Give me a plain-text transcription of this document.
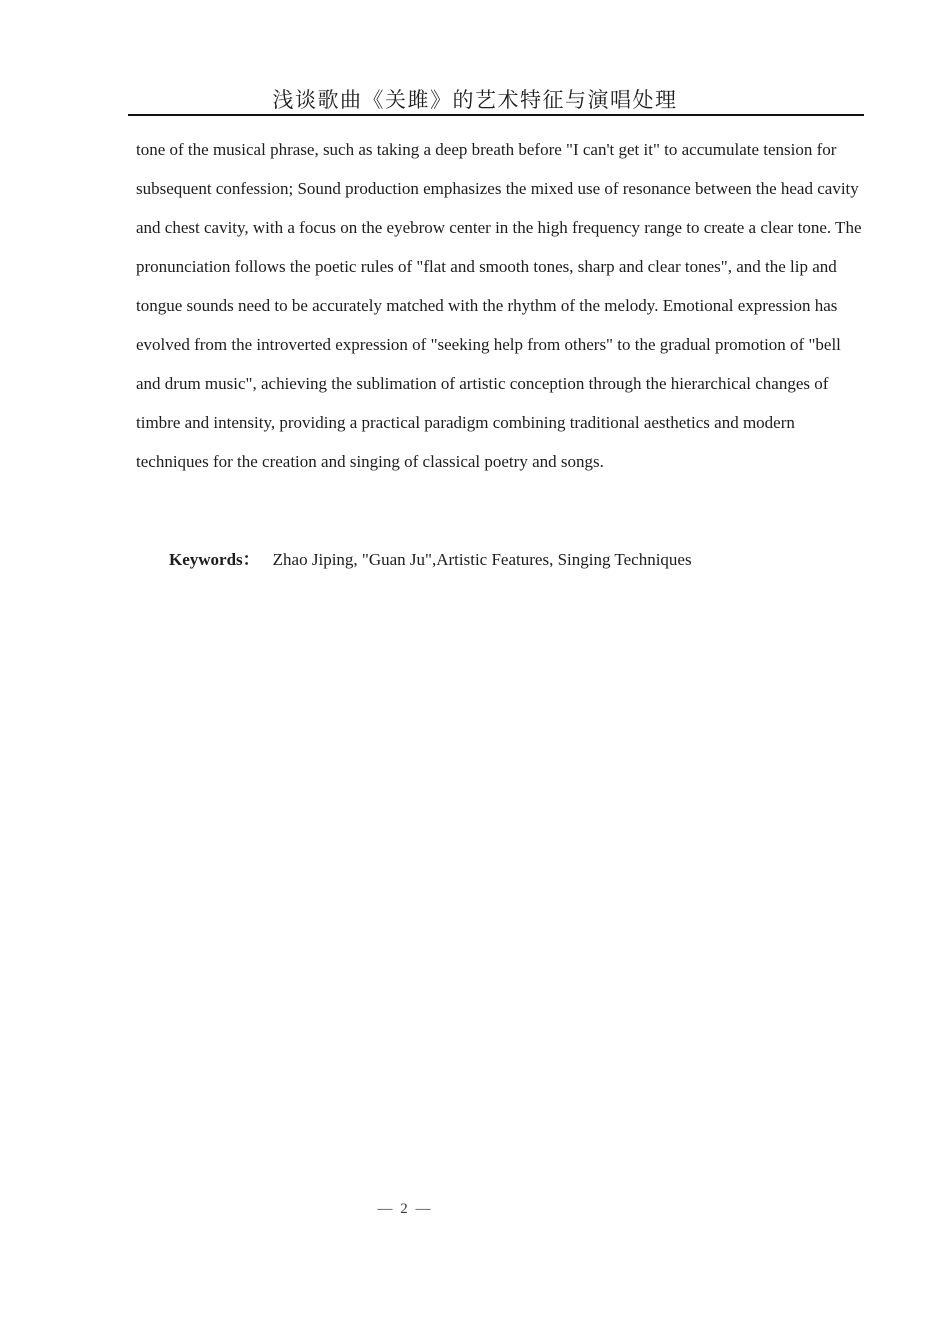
浅谈歌曲《关雎》的艺术特征与演唱处理

tone of the musical phrase, such as taking a deep breath before "I can't get it" to accumulate tension for subsequent confession; Sound production emphasizes the mixed use of resonance between the head cavity and chest cavity, with a focus on the eyebrow center in the high frequency range to create a clear tone. The pronunciation follows the poetic rules of "flat and smooth tones, sharp and clear tones", and the lip and tongue sounds need to be accurately matched with the rhythm of the melody. Emotional expression has evolved from the introverted expression of "seeking help from others" to the gradual promotion of "bell and drum music", achieving the sublimation of artistic conception through the hierarchical changes of timbre and intensity, providing a practical paradigm combining traditional aesthetics and modern techniques for the creation and singing of classical poetry and songs.

Keywords： Zhao Jiping, "Guan Ju",Artistic Features, Singing Techniques

— 2 —
